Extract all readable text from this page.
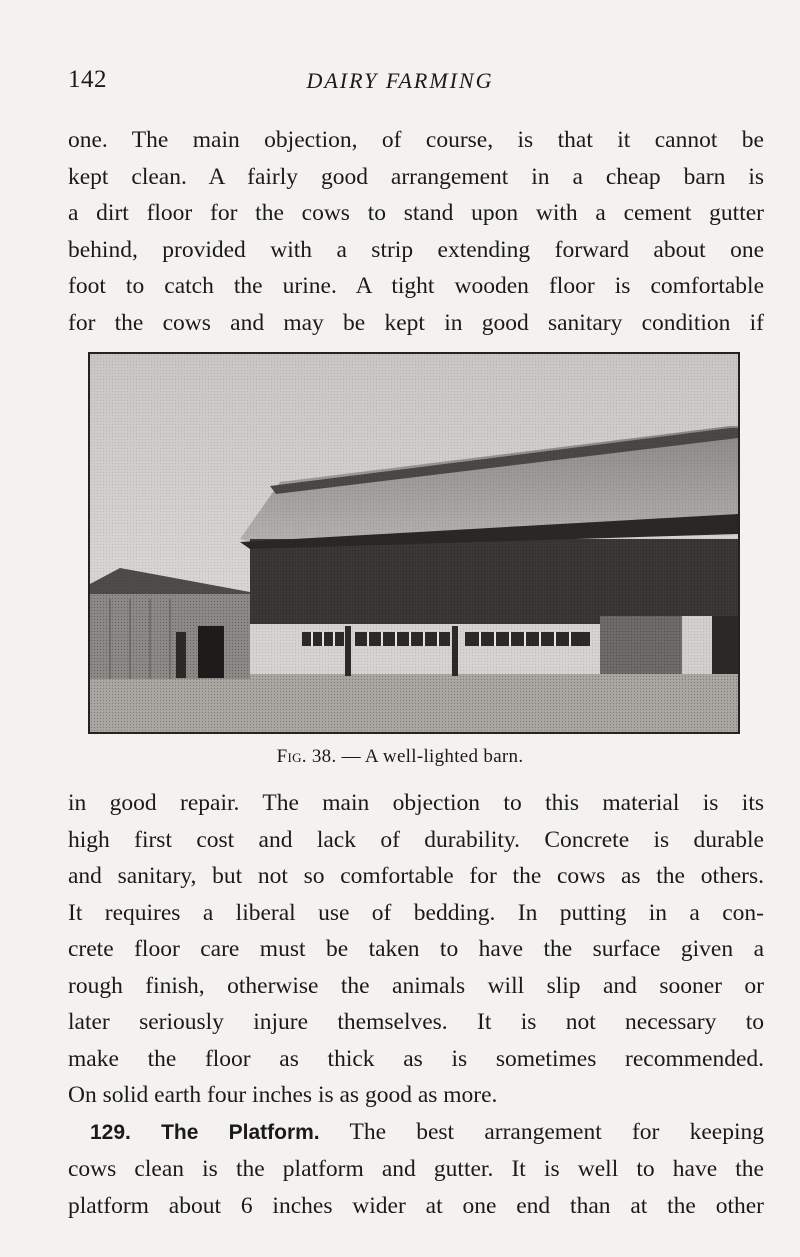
142	DAIRY FARMING
one. The main objection, of course, is that it cannot be
kept clean. A fairly good arrangement in a cheap barn is
a dirt floor for the cows to stand upon with a cement gutter
behind, provided with a strip extending forward about one
foot to catch the urine. A tight wooden floor is comfortable
for the cows and may be kept in good sanitary condition if
Fig. 38. — A well-lighted barn.
in good repair. The main objection to this material is its
high first cost and lack of durability. Concrete is durable
and sanitary, but not so comfortable for the cows as the others.
It requires a liberal use of bedding. In putting in a con-
crete floor care must be taken to have the surface given a
rough finish, otherwise the animals will slip and sooner or
later seriously injure themselves. It is not necessary to
make the floor as thick as is sometimes recommended.
On solid earth four inches is as good as more.
129. The Platform. The best arrangement for keeping
cows clean is the platform and gutter. It is well to have the
platform about 6 inches wider at one end than at the other
